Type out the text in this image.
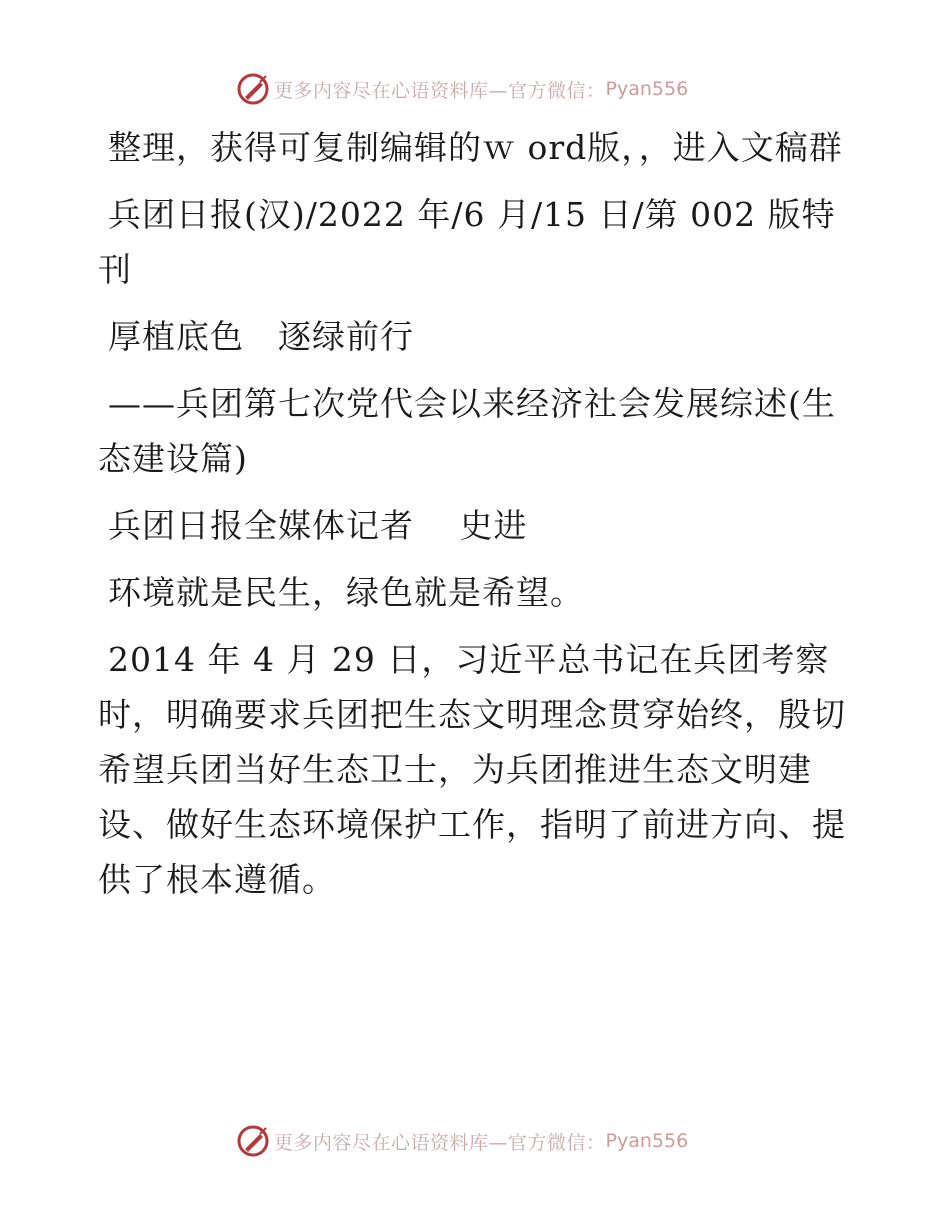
更多内容尽在心语资料库—官方微信： Pyan556

整理，获得可复制编辑的ｗ ord版，，进入文稿群

兵团日报(汉)/2022 年/6 月/15 日/第 002 版特刊

厚植底色　逐绿前行

——兵团第七次党代会以来经济社会发展综述(生态建设篇)

兵团日报全媒体记者　 史进

环境就是民生，绿色就是希望。

2014 年 4 月 29 日，习近平总书记在兵团考察时，明确要求兵团把生态文明理念贯穿始终，殷切希望兵团当好生态卫士，为兵团推进生态文明建设、做好生态环境保护工作，指明了前进方向、提供了根本遵循。

更多内容尽在心语资料库—官方微信： Pyan556
